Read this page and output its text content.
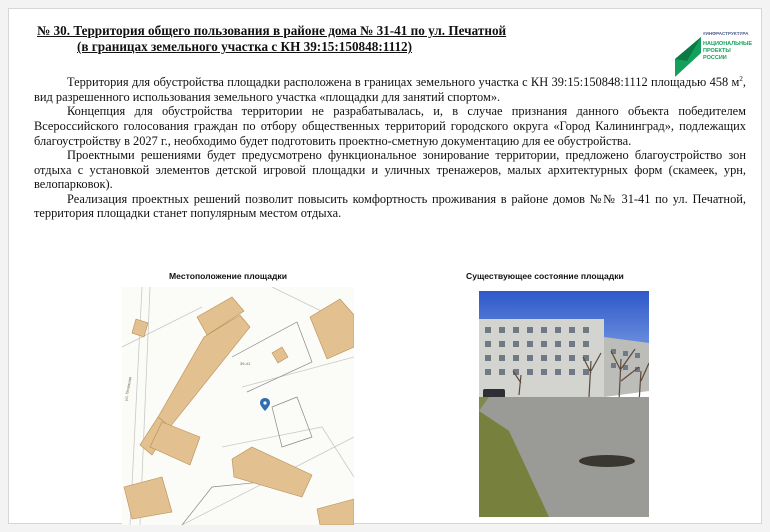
№ 30. Территория общего пользования в районе дома № 31-41 по ул. Печатной
(в границах земельного участка с КН 39:15:150848:1112)
#ИНФРАСТРУКТУРА
НАЦИОНАЛЬНЫЕ
ПРОЕКТЫ
РОССИИ

Территория для обустройства площадки расположена в границах земельного участка с КН 39:15:150848:1112 площадью 458 $м^2$, вид разрешенного использования земельного участка «площадки для занятий спортом».

Концепция для обустройства территории не разрабатывалась, и, в случае признания данного объекта победителем Всероссийского голосования граждан по отбору общественных территорий городского округа «Город Калининград», подлежащих благоустройству в 2027 г., необходимо будет подготовить проектно-сметную документацию для ее обустройства.

Проектными решениями будет предусмотрено функциональное зонирование территории, предложено благоустройство зон отдыха с установкой элементов детской игровой площадки и уличных тренажеров, малых архитектурных форм (скамеек, урн, велопарковок).

Реализация проектных решений позволит повысить комфортность проживания в районе домов №№ 31-41 по ул. Печатной, территория площадки станет популярным местом отдыха.

Местоположение площадки	Существующее состояние площадки
ул. Печатная
39-41
